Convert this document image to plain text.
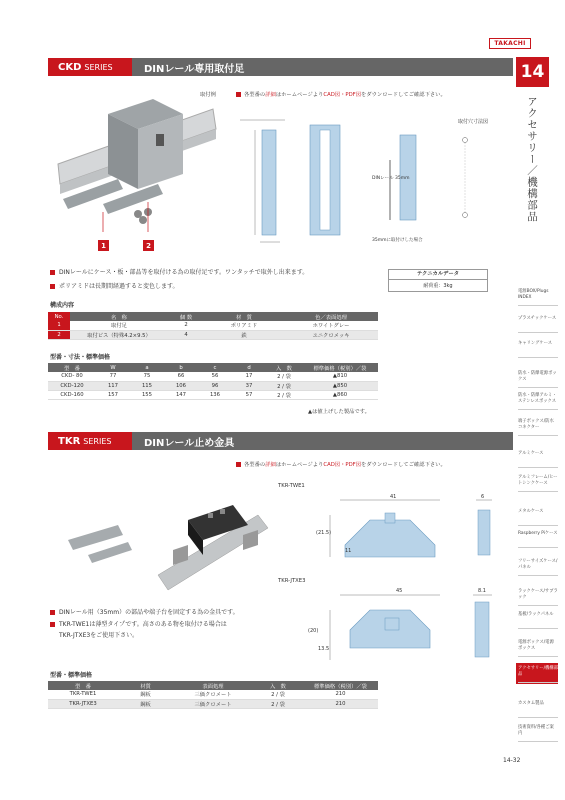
TAKACHI
14
アクセサリー／機構部品
CKD SERIES	DINレール専用取付足
1	2
取付例	各型番の詳細はホームページよりCAD図・PDF図をダウンロードしてご確認下さい。
取付穴寸法図
DINレール 35mm
35mmに取付けした場合
DINレールにケース・板・部品等を取付ける為の取付足です。ワンタッチで取外し出来ます。
ポリアミドは長期間経過すると変色します。
テクニカルデータ
耐荷重：3kg
構成内容
No.	名　称	個 数	材　質	色／表面処理
1	取付足	2	ポリアミド	ホワイトグレー
2	取付ビス（特殊4.2×9.5）	4	鉄	ユニクロメッキ
型番・寸法・標準価格
型　番	W	a	b	c	d	入　数	標準価格（税別）／袋
CKD- 80	77	75	66	56	17	2 / 袋	▲810
CKD-120	117	115	106	96	37	2 / 袋	▲850
CKD-160	157	155	147	136	57	2 / 袋	▲860
▲は値上げした製品です。
TKR SERIES	DINレール止め金具
各型番の詳細はホームページよりCAD図・PDF図をダウンロードしてご確認下さい。
TKR-TWE1
TKR-JTXE3
41
(21.5)
11
6
45
(20)
13.5
8.1
DINレール用（35mm）の部品や端子台を固定する為の金具です。
TKR-TWE1は薄型タイプです。高さのある物を取付ける場合は
TKR-JTXE3をご使用下さい。
型番・標準価格
型　番	材質	表面処理	入　数	標準価格（税別）／袋
TKR-TWE1	鋼板	三価クロメート	2 / 袋	210
TKR-JTXE3	鋼板	三価クロメート	2 / 袋	210
電源BOX/Plugs INDEX
プラスチックケース
キャリングケース
防水・防爆電源ボックス
防水・防爆アルミ・ステンレスボックス
端子ボックス/防水コネクター
アルミケース
アルミフレーム/ヒートシンクケース
メタルケース
Raspberry Piケース
フリーサイズケース/パネル
ラックケース/サブラック
基板/ラックパネル
電源ボックス/電源ボックス
アクセサリー/機構部品
カスタム製品
技術資料/各種ご案内
14-32
